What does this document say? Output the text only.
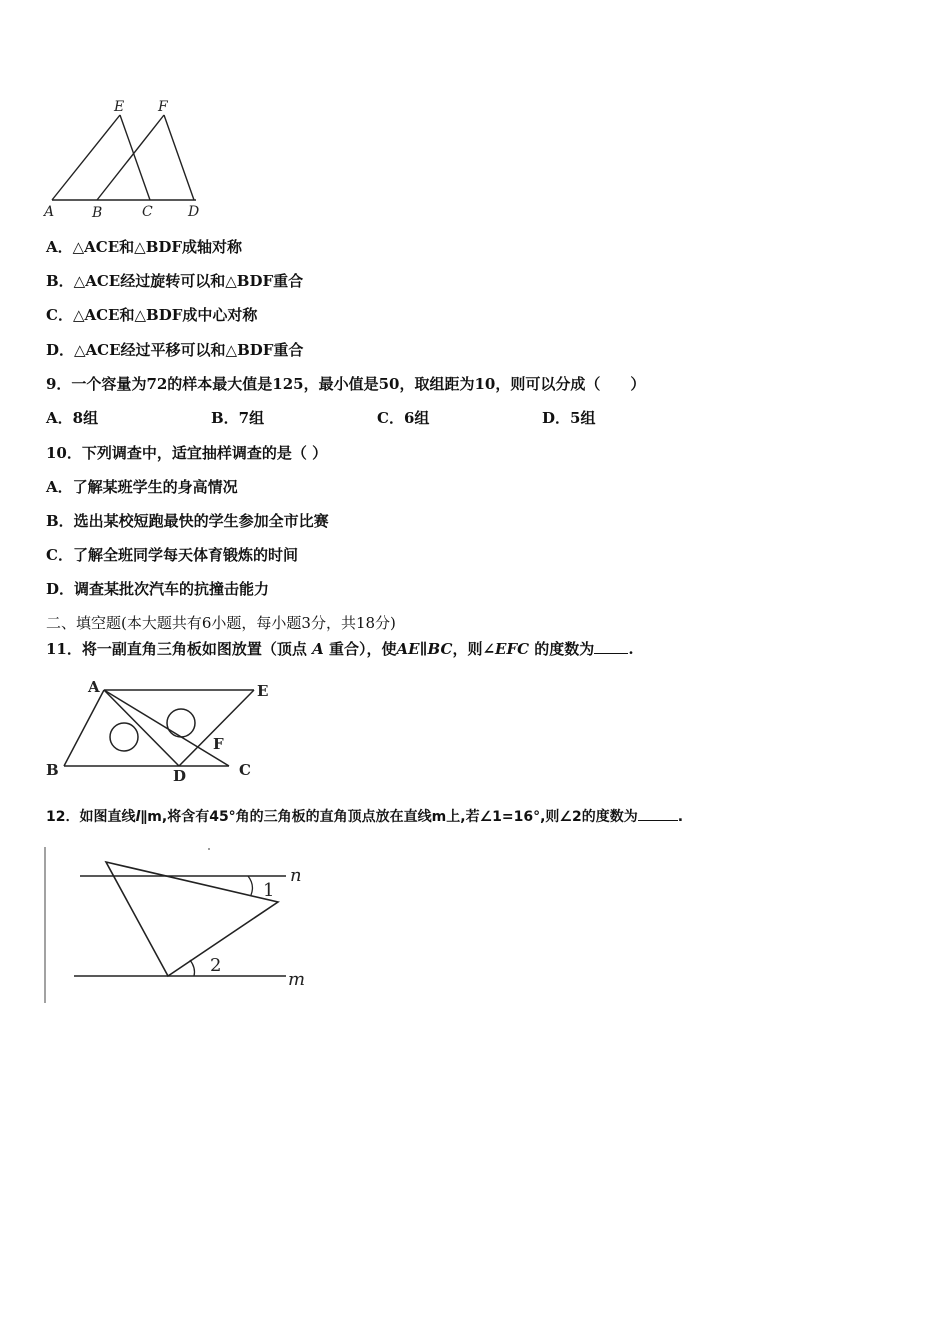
E F
A	B	C	D
A．△ACE和△BDF成轴对称
B．△ACE经过旋转可以和△BDF重合
C．△ACE和△BDF成中心对称
D．△ACE经过平移可以和△BDF重合
9．一个容量为72的样本最大值是125，最小值是50，取组距为10，则可以分成（　　）
A．8组	B．7组	C．6组	D．5组
10．下列调查中，适宜抽样调查的是（ ）
A．了解某班学生的身高情况
B．选出某校短跑最快的学生参加全市比赛
C．了解全班同学每天体育锻炼的时间
D．调查某批次汽车的抗撞击能力
二、填空题(本大题共有6小题，每小题3分，共18分)
11．将一副直角三角板如图放置（顶点 A 重合），使AE∥BC，则∠EFC 的度数为 .
A	E
F
B	D	C
12．如图直线l∥m,将含有45°角的三角板的直角顶点放在直线m上,若∠1=16°,则∠2的度数为	.
n
m
1
2
